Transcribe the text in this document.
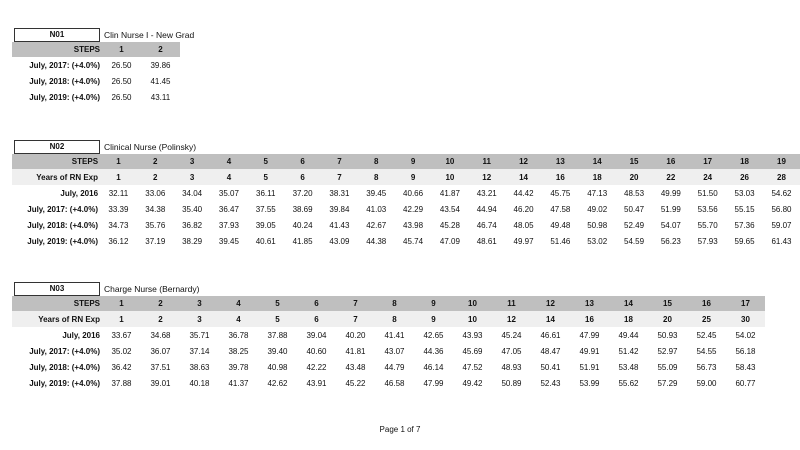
N01	Clin Nurse I - New Grad
STEPS	1	2
July, 2017: (+4.0%)	26.50	39.86
July, 2018: (+4.0%)	26.50	41.45
July, 2019: (+4.0%)	26.50	43.11
N02	Clinical Nurse (Polinsky)
STEPS	1	2	3	4	5	6	7	8	9	10	11	12	13	14	15	16	17	18	19
Years of RN Exp	1	2	3	4	5	6	7	8	9	10	12	14	16	18	20	22	24	26	28
July, 2016	32.11	33.06	34.04	35.07	36.11	37.20	38.31	39.45	40.66	41.87	43.21	44.42	45.75	47.13	48.53	49.99	51.50	53.03	54.62
July, 2017: (+4.0%)	33.39	34.38	35.40	36.47	37.55	38.69	39.84	41.03	42.29	43.54	44.94	46.20	47.58	49.02	50.47	51.99	53.56	55.15	56.80
July, 2018: (+4.0%)	34.73	35.76	36.82	37.93	39.05	40.24	41.43	42.67	43.98	45.28	46.74	48.05	49.48	50.98	52.49	54.07	55.70	57.36	59.07
July, 2019: (+4.0%)	36.12	37.19	38.29	39.45	40.61	41.85	43.09	44.38	45.74	47.09	48.61	49.97	51.46	53.02	54.59	56.23	57.93	59.65	61.43
N03	Charge Nurse (Bernardy)
STEPS	1	2	3	4	5	6	7	8	9	10	11	12	13	14	15	16	17
Years of RN Exp	1	2	3	4	5	6	7	8	9	10	12	14	16	18	20	25	30
July, 2016	33.67	34.68	35.71	36.78	37.88	39.04	40.20	41.41	42.65	43.93	45.24	46.61	47.99	49.44	50.93	52.45	54.02
July, 2017: (+4.0%)	35.02	36.07	37.14	38.25	39.40	40.60	41.81	43.07	44.36	45.69	47.05	48.47	49.91	51.42	52.97	54.55	56.18
July, 2018: (+4.0%)	36.42	37.51	38.63	39.78	40.98	42.22	43.48	44.79	46.14	47.52	48.93	50.41	51.91	53.48	55.09	56.73	58.43
July, 2019: (+4.0%)	37.88	39.01	40.18	41.37	42.62	43.91	45.22	46.58	47.99	49.42	50.89	52.43	53.99	55.62	57.29	59.00	60.77
Page 1 of 7
